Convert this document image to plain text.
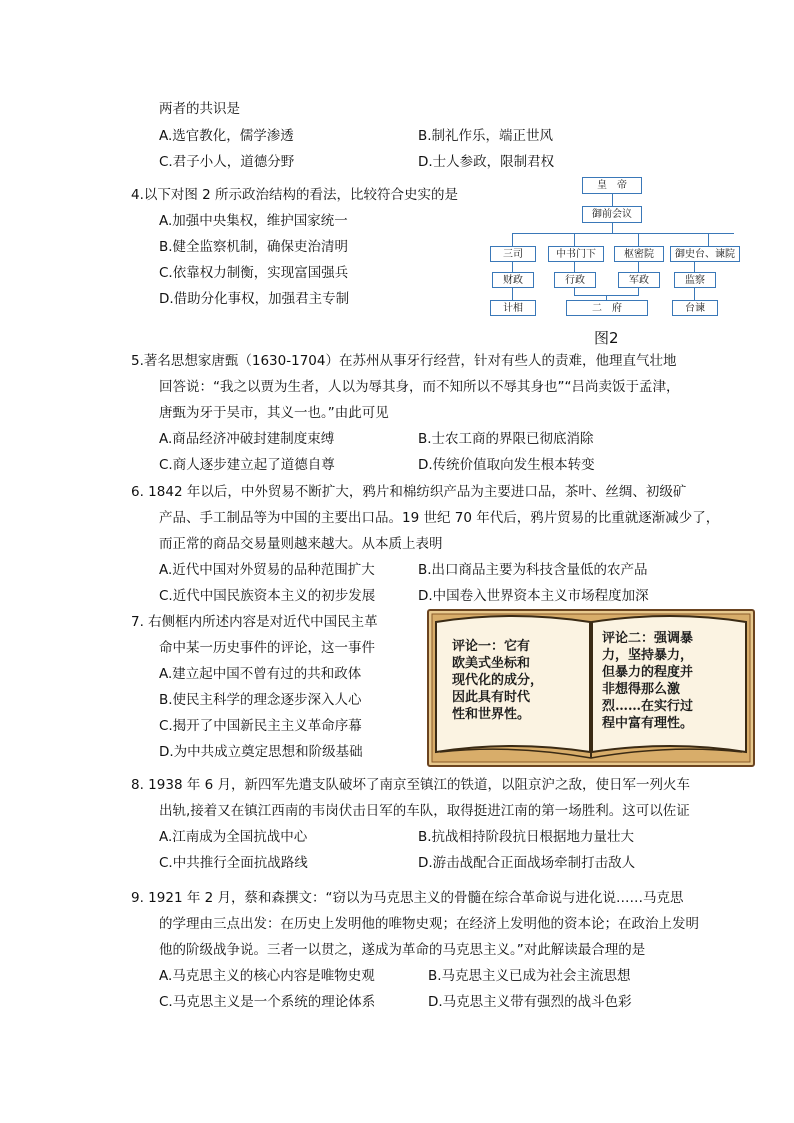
两者的共识是
A.选官教化，儒学渗透	B.制礼作乐，端正世风
C.君子小人，道德分野	D.士人参政，限制君权
4.以下对图 2 所示政治结构的看法，比较符合史实的是
A.加强中央集权，维护国家统一
B.健全监察机制，确保吏治清明
C.依靠权力制衡，实现富国强兵
D.借助分化事权，加强君主专制
皇　帝
御前会议
三司	中书门下	枢密院	御史台、谏院
财政	行政	军政	监察
计相	二　府	台谏
图2
5.著名思想家唐甄（1630-1704）在苏州从事牙行经营，针对有些人的责难，他理直气壮地
回答说：“我之以贾为生者，人以为辱其身，而不知所以不辱其身也”“吕尚卖饭于孟津，
唐甄为牙于吴市，其义一也。”由此可见
A.商品经济冲破封建制度束缚	B.士农工商的界限已彻底消除
C.商人逐步建立起了道德自尊	D.传统价值取向发生根本转变
6. 1842 年以后，中外贸易不断扩大，鸦片和棉纺织产品为主要进口品，茶叶、丝绸、初级矿
产品、手工制品等为中国的主要出口品。19 世纪 70 年代后，鸦片贸易的比重就逐渐减少了，
而正常的商品交易量则越来越大。从本质上表明
A.近代中国对外贸易的品种范围扩大	B.出口商品主要为科技含量低的农产品
C.近代中国民族资本主义的初步发展	D.中国卷入世界资本主义市场程度加深
7. 右侧框内所述内容是对近代中国民主革
命中某一历史事件的评论，这一事件
A.建立起中国不曾有过的共和政体
B.使民主科学的理念逐步深入人心
C.揭开了中国新民主主义革命序幕
D.为中共成立奠定思想和阶级基础
评论一：它有
欧美式坐标和
现代化的成分，
因此具有时代
性和世界性。
评论二：强调暴
力，坚持暴力，
但暴力的程度并
非想得那么激
烈……在实行过
程中富有理性。
8. 1938 年 6 月，新四军先遣支队破坏了南京至镇江的铁道，以阻京沪之敌，使日军一列火车
出轨,接着又在镇江西南的韦岗伏击日军的车队，取得挺进江南的第一场胜利。这可以佐证
A.江南成为全国抗战中心	B.抗战相持阶段抗日根据地力量壮大
C.中共推行全面抗战路线	D.游击战配合正面战场牵制打击敌人
9. 1921 年 2 月，蔡和森撰文：“窃以为马克思主义的骨髓在综合革命说与进化说……马克思
的学理由三点出发：在历史上发明他的唯物史观；在经济上发明他的资本论；在政治上发明
他的阶级战争说。三者一以贯之，遂成为革命的马克思主义。”对此解读最合理的是
A.马克思主义的核心内容是唯物史观	B.马克思主义已成为社会主流思想
C.马克思主义是一个系统的理论体系	D.马克思主义带有强烈的战斗色彩
